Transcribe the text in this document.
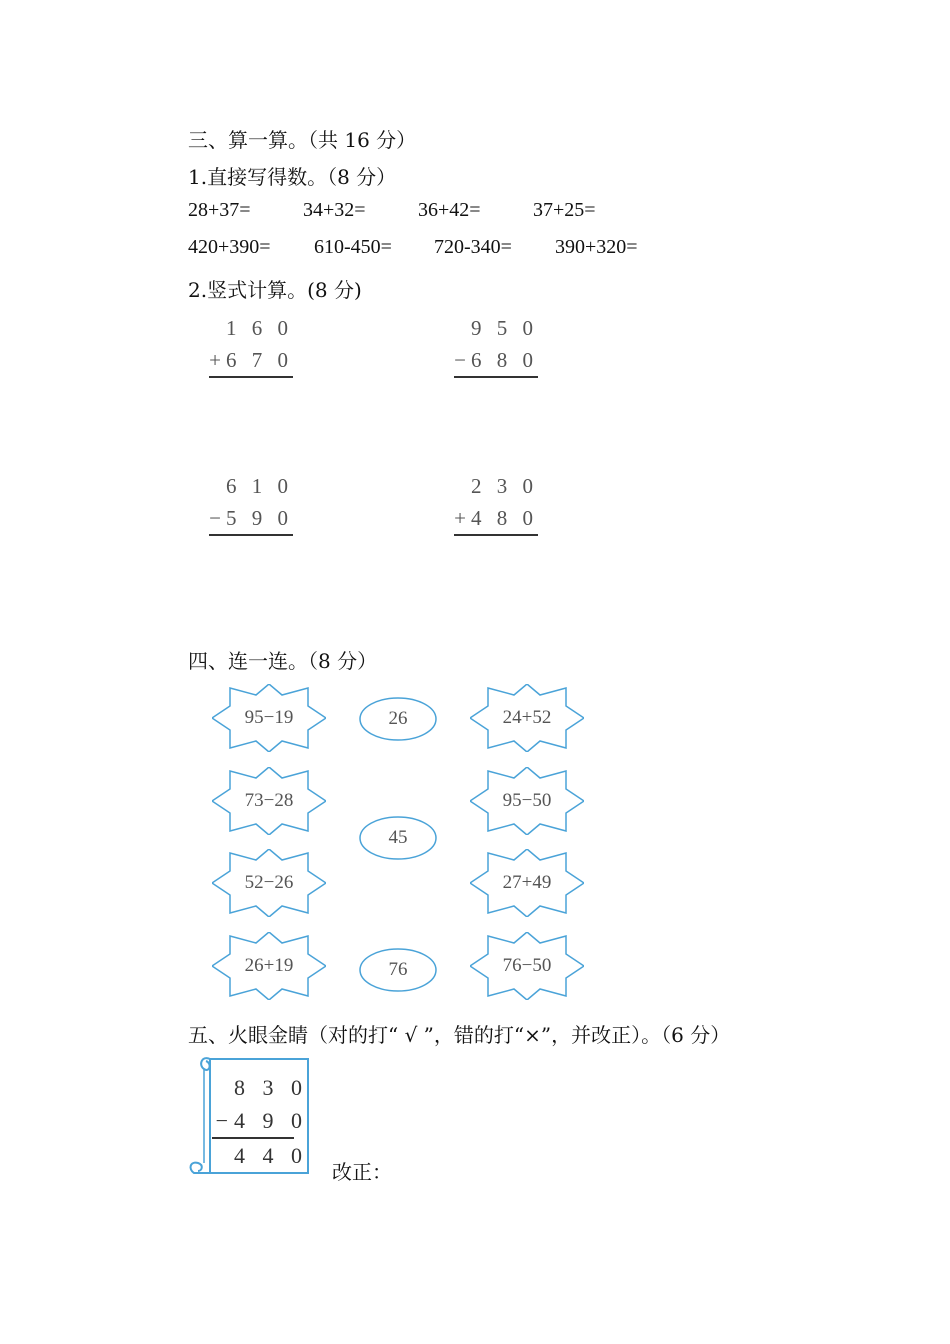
三、算一算。（共 16 分）
1.直接写得数。（8 分）
28+37=	34+32=	36+42=	37+25=
420+390= 610-450= 720-340= 390+320=
2.竖式计算。(8 分)
1 6 0
+6 7 0
9 5 0
−6 8 0
6 1 0
−5 9 0
2 3 0
+4 8 0
四、连一连。（8 分）
95−19
73−28
52−26
26+19
26
45
76
24+52
95−50
27+49
76−50
五、火眼金睛（对的打“ √ ”，错的打“×”，并改正）。（6 分）
8 3 0
−4 9 0
4 4 0
改正：
